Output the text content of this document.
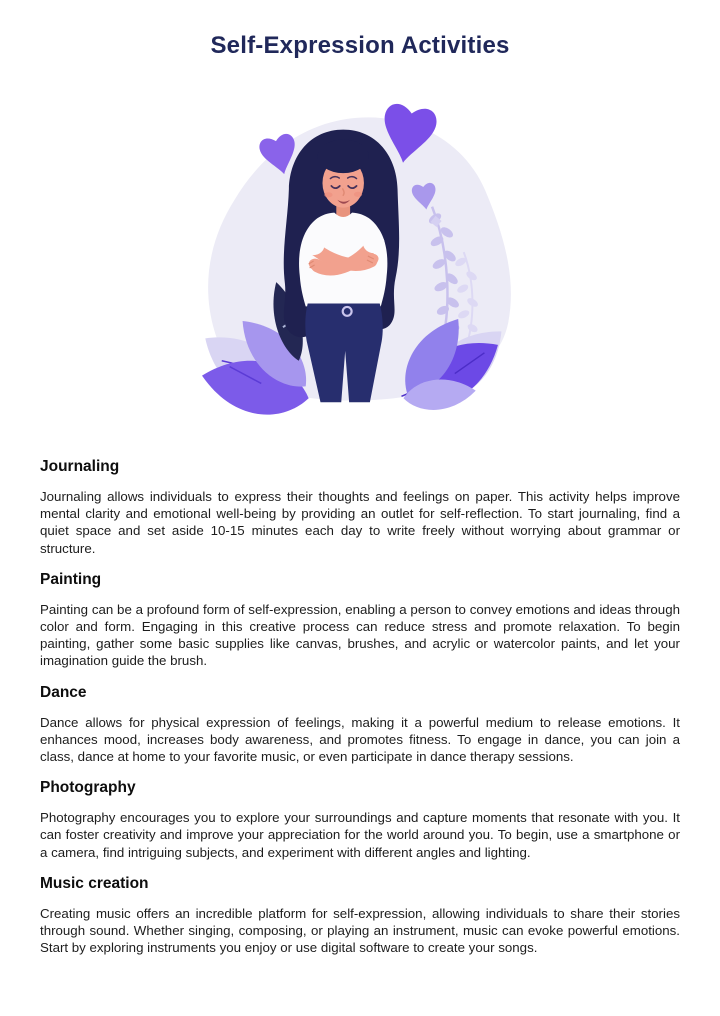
Self-Expression Activities
Journaling

Journaling allows individuals to express their thoughts and feelings on paper. This activity helps improve mental clarity and emotional well-being by providing an outlet for self-reflection. To start journaling, find a quiet space and set aside 10-15 minutes each day to write freely without worrying about grammar or structure.

Painting

Painting can be a profound form of self-expression, enabling a person to convey emotions and ideas through color and form. Engaging in this creative process can reduce stress and promote relaxation. To begin painting, gather some basic supplies like canvas, brushes, and acrylic or watercolor paints, and let your imagination guide the brush.

Dance

Dance allows for physical expression of feelings, making it a powerful medium to release emotions. It enhances mood, increases body awareness, and promotes fitness. To engage in dance, you can join a class, dance at home to your favorite music, or even participate in dance therapy sessions.

Photography

Photography encourages you to explore your surroundings and capture moments that resonate with you. It can foster creativity and improve your appreciation for the world around you. To begin, use a smartphone or a camera, find intriguing subjects, and experiment with different angles and lighting.

Music creation

Creating music offers an incredible platform for self-expression, allowing individuals to share their stories through sound. Whether singing, composing, or playing an instrument, music can evoke powerful emotions. Start by exploring instruments you enjoy or use digital software to create your songs.
